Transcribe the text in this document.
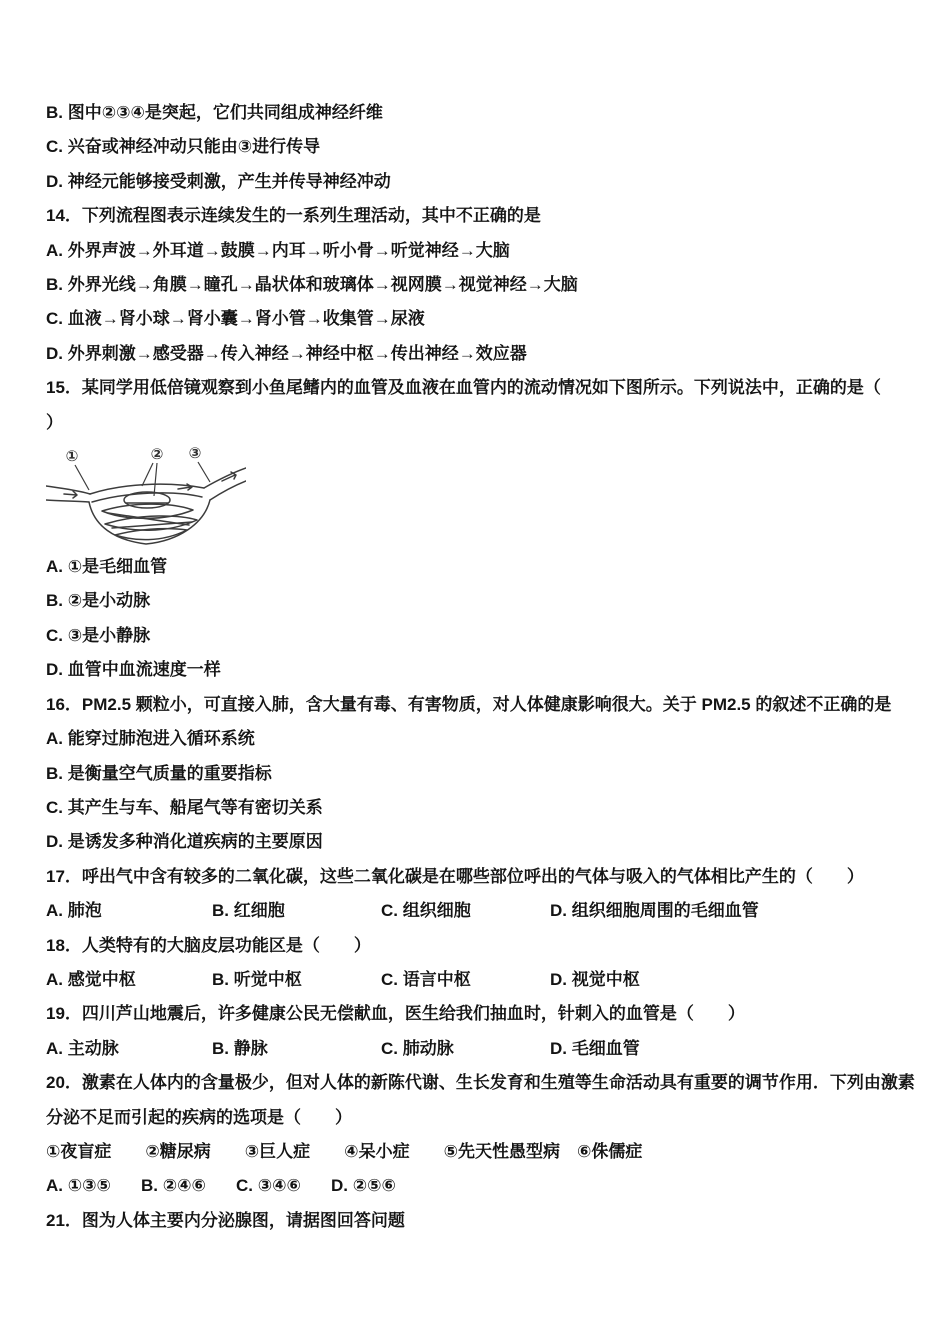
B. 图中②③④是突起，它们共同组成神经纤维
C. 兴奋或神经冲动只能由③进行传导
D. 神经元能够接受刺激，产生并传导神经冲动
14．下列流程图表示连续发生的一系列生理活动，其中不正确的是
A. 外界声波→外耳道→鼓膜→内耳→听小骨→听觉神经→大脑
B. 外界光线→角膜→瞳孔→晶状体和玻璃体→视网膜→视觉神经→大脑
C. 血液→肾小球→肾小囊→肾小管→收集管→尿液
D. 外界刺激→感受器→传入神经→神经中枢→传出神经→效应器
15．某同学用低倍镜观察到小鱼尾鳍内的血管及血液在血管内的流动情况如下图所示。下列说法中，正确的是（
）
①	② ③
A. ①是毛细血管
B. ②是小动脉
C. ③是小静脉
D. 血管中血流速度一样
16．PM2.5 颗粒小，可直接入肺，含大量有毒、有害物质，对人体健康影响很大。关于 PM2.5 的叙述不正确的是
A. 能穿过肺泡进入循环系统
B. 是衡量空气质量的重要指标
C. 其产生与车、船尾气等有密切关系
D. 是诱发多种消化道疾病的主要原因
17．呼出气中含有较多的二氧化碳，这些二氧化碳是在哪些部位呼出的气体与吸入的气体相比产生的（　　）
A. 肺泡	B. 红细胞	C. 组织细胞	D. 组织细胞周围的毛细血管
18．人类特有的大脑皮层功能区是（　　）
A. 感觉中枢	B. 听觉中枢	C. 语言中枢	D. 视觉中枢
19．四川芦山地震后，许多健康公民无偿献血，医生给我们抽血时，针刺入的血管是（　　）
A. 主动脉	B. 静脉	C. 肺动脉	D. 毛细血管
20．激素在人体内的含量极少，但对人体的新陈代谢、生长发育和生殖等生命活动具有重要的调节作用．下列由激素
分泌不足而引起的疾病的选项是（　　）
①夜盲症　　②糖尿病　　③巨人症　　④呆小症　　⑤先天性愚型病　⑥侏儒症
A. ①③⑤	B. ②④⑥	C. ③④⑥	D. ②⑤⑥
21．图为人体主要内分泌腺图，请据图回答问题
